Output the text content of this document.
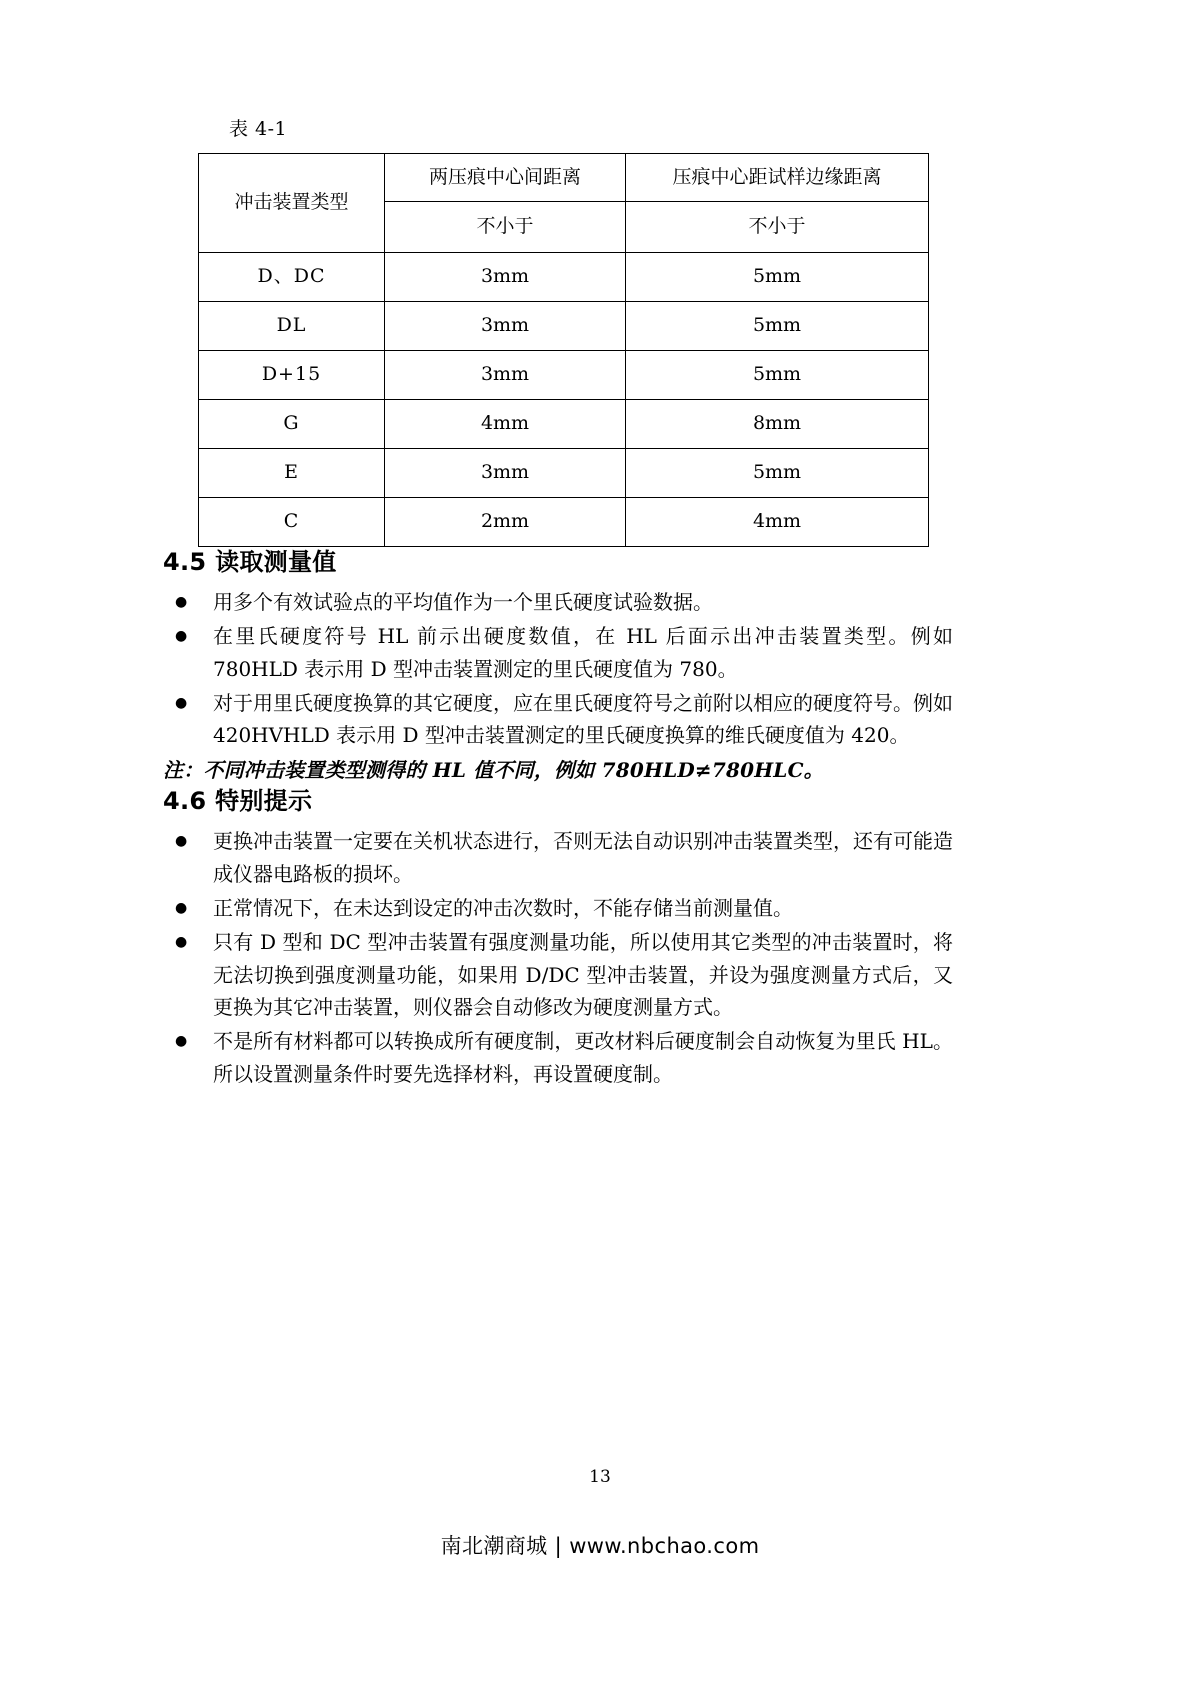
表 4-1
冲击装置类型	两压痕中心间距离	压痕中心距试样边缘距离
	不小于	不小于
D、DC	3mm	5mm
DL	3mm	5mm
D+15	3mm	5mm
G	4mm	8mm
E	3mm	5mm
C	2mm	4mm
4.5 读取测量值
● 用多个有效试验点的平均值作为一个里氏硬度试验数据。
● 在里氏硬度符号 HL 前示出硬度数值，在 HL 后面示出冲击装置类型。例如 780HLD 表示用 D 型冲击装置测定的里氏硬度值为 780。
● 对于用里氏硬度换算的其它硬度，应在里氏硬度符号之前附以相应的硬度符号。例如 420HVHLD 表示用 D 型冲击装置测定的里氏硬度换算的维氏硬度值为 420。

注：不同冲击装置类型测得的 HL 值不同，例如 780HLD≠780HLC。

4.6 特别提示
● 更换冲击装置一定要在关机状态进行，否则无法自动识别冲击装置类型，还有可能造成仪器电路板的损坏。
● 正常情况下，在未达到设定的冲击次数时，不能存储当前测量值。
● 只有 D 型和 DC 型冲击装置有强度测量功能，所以使用其它类型的冲击装置时，将无法切换到强度测量功能，如果用 D/DC 型冲击装置，并设为强度测量方式后，又更换为其它冲击装置，则仪器会自动修改为硬度测量方式。
● 不是所有材料都可以转换成所有硬度制，更改材料后硬度制会自动恢复为里氏 HL。所以设置测量条件时要先选择材料，再设置硬度制。
13
南北潮商城 | www.nbchao.com
